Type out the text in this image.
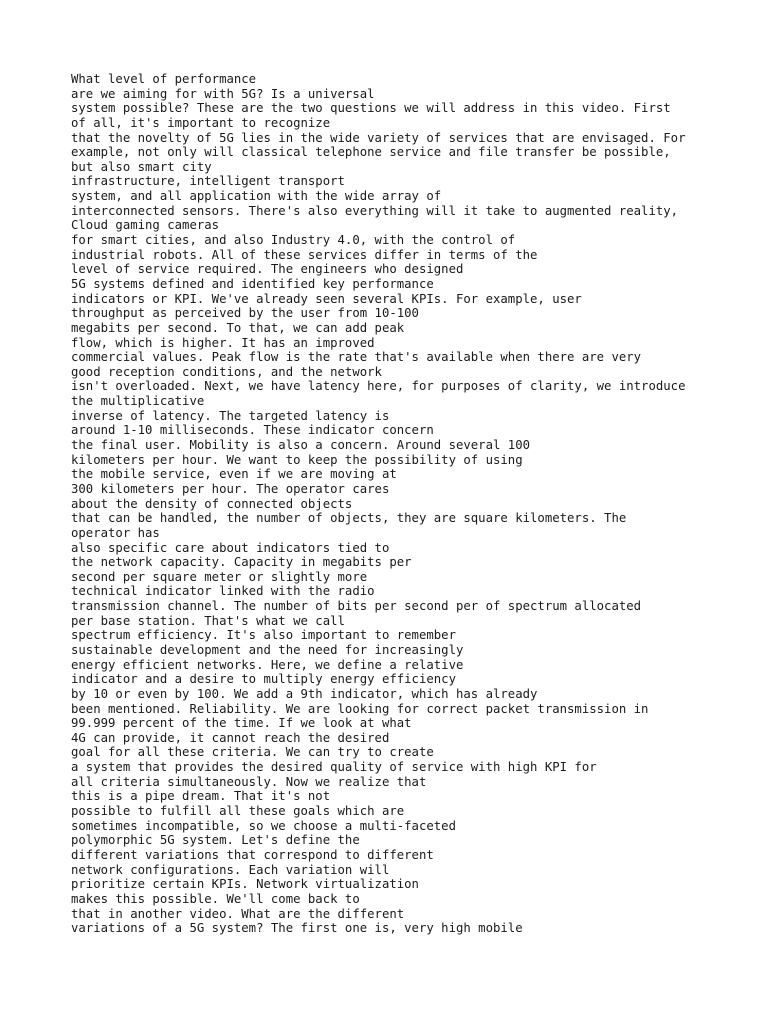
What level of performance
are we aiming for with 5G? Is a universal
system possible? These are the two questions we will address in this video. First
of all, it's important to recognize
that the novelty of 5G lies in the wide variety of services that are envisaged. For
example, not only will classical telephone service and file transfer be possible,
but also smart city
infrastructure, intelligent transport
system, and all application with the wide array of
interconnected sensors. There's also everything will it take to augmented reality,
Cloud gaming cameras
for smart cities, and also Industry 4.0, with the control of
industrial robots. All of these services differ in terms of the
level of service required. The engineers who designed
5G systems defined and identified key performance
indicators or KPI. We've already seen several KPIs. For example, user
throughput as perceived by the user from 10-100
megabits per second. To that, we can add peak
flow, which is higher. It has an improved
commercial values. Peak flow is the rate that's available when there are very
good reception conditions, and the network
isn't overloaded. Next, we have latency here, for purposes of clarity, we introduce
the multiplicative
inverse of latency. The targeted latency is
around 1-10 milliseconds. These indicator concern
the final user. Mobility is also a concern. Around several 100
kilometers per hour. We want to keep the possibility of using
the mobile service, even if we are moving at
300 kilometers per hour. The operator cares
about the density of connected objects
that can be handled, the number of objects, they are square kilometers. The
operator has
also specific care about indicators tied to
the network capacity. Capacity in megabits per
second per square meter or slightly more
technical indicator linked with the radio
transmission channel. The number of bits per second per of spectrum allocated
per base station. That's what we call
spectrum efficiency. It's also important to remember
sustainable development and the need for increasingly
energy efficient networks. Here, we define a relative
indicator and a desire to multiply energy efficiency
by 10 or even by 100. We add a 9th indicator, which has already
been mentioned. Reliability. We are looking for correct packet transmission in
99.999 percent of the time. If we look at what
4G can provide, it cannot reach the desired
goal for all these criteria. We can try to create
a system that provides the desired quality of service with high KPI for
all criteria simultaneously. Now we realize that
this is a pipe dream. That it's not
possible to fulfill all these goals which are
sometimes incompatible, so we choose a multi-faceted
polymorphic 5G system. Let's define the
different variations that correspond to different
network configurations. Each variation will
prioritize certain KPIs. Network virtualization
makes this possible. We'll come back to
that in another video. What are the different
variations of a 5G system? The first one is, very high mobile
